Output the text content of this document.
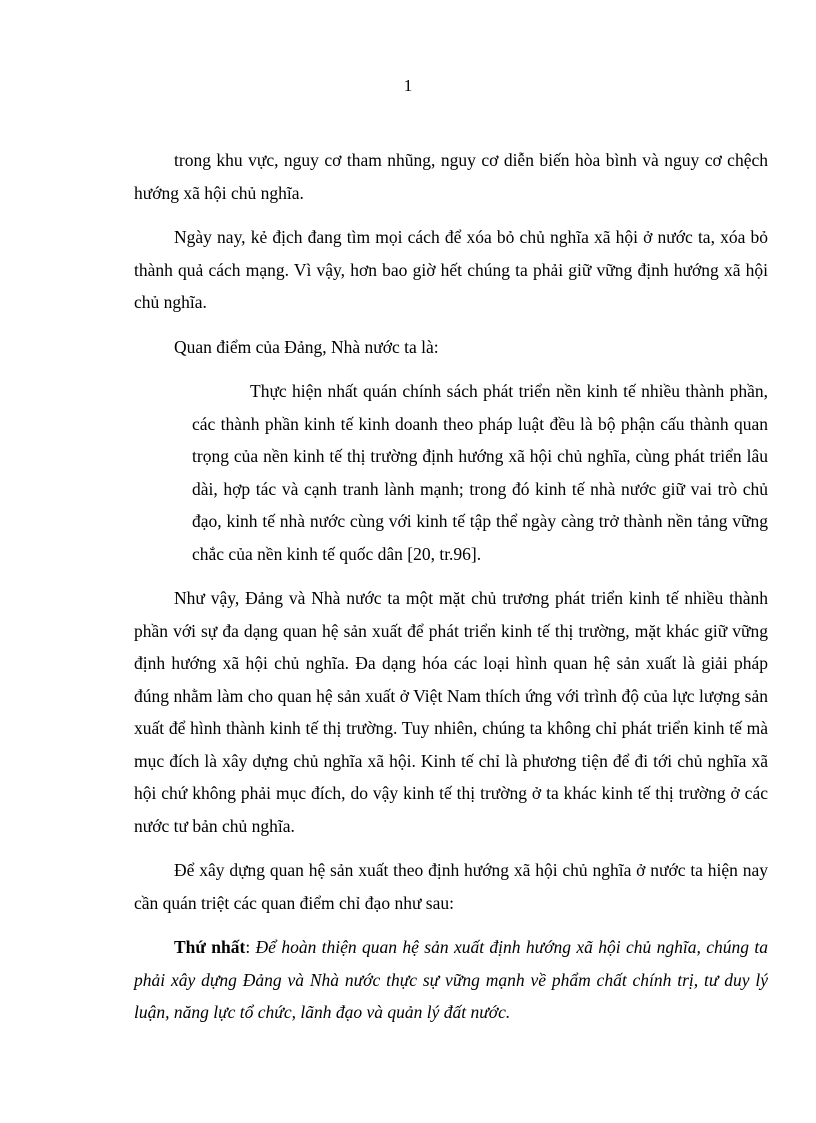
1

trong khu vực, nguy cơ tham nhũng, nguy cơ diễn biến hòa bình và nguy cơ chệch hướng xã hội chủ nghĩa.

Ngày nay, kẻ địch đang tìm mọi cách để xóa bỏ chủ nghĩa xã hội ở nước ta, xóa bỏ thành quả cách mạng. Vì vậy, hơn bao giờ hết chúng ta phải giữ vững định hướng xã hội chủ nghĩa.

Quan điểm của Đảng, Nhà nước ta là:

Thực hiện nhất quán chính sách phát triển nền kinh tế nhiều thành phần, các thành phần kinh tế kinh doanh theo pháp luật đều là bộ phận cấu thành quan trọng của nền kinh tế thị trường định hướng xã hội chủ nghĩa, cùng phát triển lâu dài, hợp tác và cạnh tranh lành mạnh; trong đó kinh tế nhà nước giữ vai trò chủ đạo, kinh tế nhà nước cùng với kinh tế tập thể ngày càng trở thành nền tảng vững chắc của nền kinh tế quốc dân [20, tr.96].

Như vậy, Đảng và Nhà nước ta một mặt chủ trương phát triển kinh tế nhiều thành phần với sự đa dạng quan hệ sản xuất để phát triển kinh tế thị trường, mặt khác giữ vững định hướng xã hội chủ nghĩa. Đa dạng hóa các loại hình quan hệ sản xuất là giải pháp đúng nhằm làm cho quan hệ sản xuất ở Việt Nam thích ứng với trình độ của lực lượng sản xuất để hình thành kinh tế thị trường. Tuy nhiên, chúng ta không chỉ phát triển kinh tế mà mục đích là xây dựng chủ nghĩa xã hội. Kinh tế chỉ là phương tiện để đi tới chủ nghĩa xã hội chứ không phải mục đích, do vậy kinh tế thị trường ở ta khác kinh tế thị trường ở các nước tư bản chủ nghĩa.

Để xây dựng quan hệ sản xuất theo định hướng xã hội chủ nghĩa ở nước ta hiện nay cần quán triệt các quan điểm chỉ đạo như sau:

Thứ nhất: Để hoàn thiện quan hệ sản xuất định hướng xã hội chủ nghĩa, chúng ta phải xây dựng Đảng và Nhà nước thực sự vững mạnh về phẩm chất chính trị, tư duy lý luận, năng lực tổ chức, lãnh đạo và quản lý đất nước.
